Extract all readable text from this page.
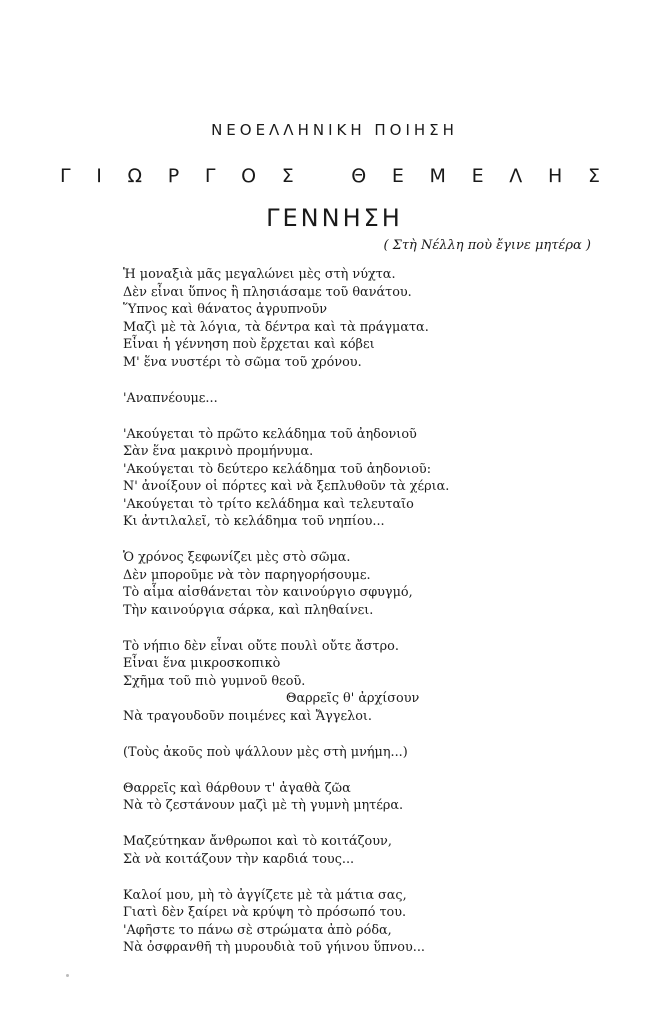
ΝΕΟΕΛΛΗΝΙΚΗ ΠΟΙΗΣΗ
Γ Ι Ω Ρ Γ Ο Σ
	Θ Ε Μ Ε Λ Η Σ
ΓΕΝΝΗΣΗ
( Στὴ Νέλλη ποὺ ἔγινε μητέρα )
Ἡ μοναξιὰ μᾶς μεγαλώνει μὲς στὴ νύχτα.
Δὲν εἶναι ὕπνος ἢ πλησιάσαμε τοῦ θανάτου.
Ὕπνος καὶ θάνατος ἀγρυπνοῦν
Μαζὶ μὲ τὰ λόγια, τὰ δέντρα καὶ τὰ πράγματα.
Εἶναι ἡ γέννηση ποὺ ἔρχεται καὶ κόβει
Μ' ἕνα νυστέρι τὸ σῶμα τοῦ χρόνου.
'Αναπνέουμε...
'Ακούγεται τὸ πρῶτο κελάδημα τοῦ ἀηδονιοῦ
Σὰν ἕνα μακρινὸ προμήνυμα.
'Ακούγεται τὸ δεύτερο κελάδημα τοῦ ἀηδονιοῦ:
Ν' ἀνοίξουν οἱ πόρτες καὶ νὰ ξεπλυθοῦν τὰ χέρια.
'Ακούγεται τὸ τρίτο κελάδημα καὶ τελευταῖο
Κι ἀντιλαλεῖ, τὸ κελάδημα τοῦ νηπίου...
Ὁ χρόνος ξεφωνίζει μὲς στὸ σῶμα.
Δὲν μποροῦμε νὰ τὸν παρηγορήσουμε.
Τὸ αἷμα αἰσθάνεται τὸν καινούργιο σφυγμό,
Τὴν καινούργια σάρκα, καὶ πληθαίνει.
Τὸ νήπιο δὲν εἶναι οὔτε πουλὶ οὔτε ἄστρο.
Εἶναι ἕνα μικροσκοπικὸ
Σχῆμα τοῦ πιὸ γυμνοῦ θεοῦ.
Θαρρεῖς θ' ἀρχίσουν
Νὰ τραγουδοῦν ποιμένες καὶ Ἄγγελοι.
(Τοὺς ἀκοῦς ποὺ ψάλλουν μὲς στὴ μνήμη...)
Θαρρεῖς καὶ θάρθουν τ' ἀγαθὰ ζῶα
Νὰ τὸ ζεστάνουν μαζὶ μὲ τὴ γυμνὴ μητέρα.
Μαζεύτηκαν ἄνθρωποι καὶ τὸ κοιτάζουν,
Σὰ νὰ κοιτάζουν τὴν καρδιά τους...
Καλοί μου, μὴ τὸ ἀγγίζετε μὲ τὰ μάτια σας,
Γιατὶ δὲν ξαίρει νὰ κρύψη τὸ πρόσωπό του.
'Αφῆστε το πάνω σὲ στρώματα ἀπὸ ρόδα,
Νὰ ὀσφρανθῆ τὴ μυρουδιὰ τοῦ γήινου ὕπνου...
